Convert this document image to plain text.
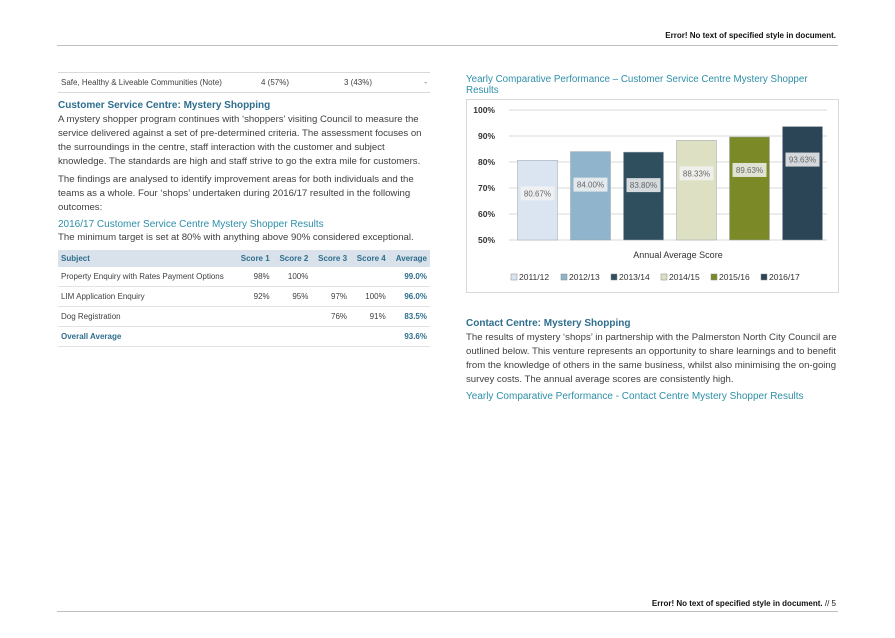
Error! No text of specified style in document.
Safe, Healthy & Liveable Communities (Note)	4 (57%)	3 (43%)	-
Customer Service Centre: Mystery Shopping

A mystery shopper program continues with ‘shoppers’ visiting Council to measure the service delivered against a set of pre-determined criteria. The assessment focuses on the surroundings in the centre, staff interaction with the customer and subject knowledge. The standards are high and staff strive to go the extra mile for customers.

The findings are analysed to identify improvement areas for both individuals and the teams as a whole. Four ‘shops’ undertaken during 2016/17 resulted in the following outcomes:

2016/17 Customer Service Centre Mystery Shopper Results

The minimum target is set at 80% with anything above 90% considered exceptional.

Subject	Score 1	Score 2	Score 3	Score 4	Average
Property Enquiry with Rates Payment Options	98%	100%			99.0%
LIM Application Enquiry	92%	95%	97%	100%	96.0%
Dog Registration			76%	91%	83.5%
Overall Average					93.6%
Yearly Comparative Performance – Customer Service Centre Mystery Shopper Results
50%
60%
70%
80%
90%
100%
80.67%
84.00%	83.80%
88.33%	89.63%
93.63%
Annual Average Score
2011/12 2012/13 2013/14 2014/15 2015/16 2016/17
Contact Centre: Mystery Shopping

The results of mystery ‘shops’ in partnership with the Palmerston North City Council are outlined below. This venture represents an opportunity to share learnings and to benefit from the knowledge of others in the same business, whilst also minimising the on-going survey costs. The annual average scores are consistently high.

Yearly Comparative Performance - Contact Centre Mystery Shopper Results
Error! No text of specified style in document. // 5
